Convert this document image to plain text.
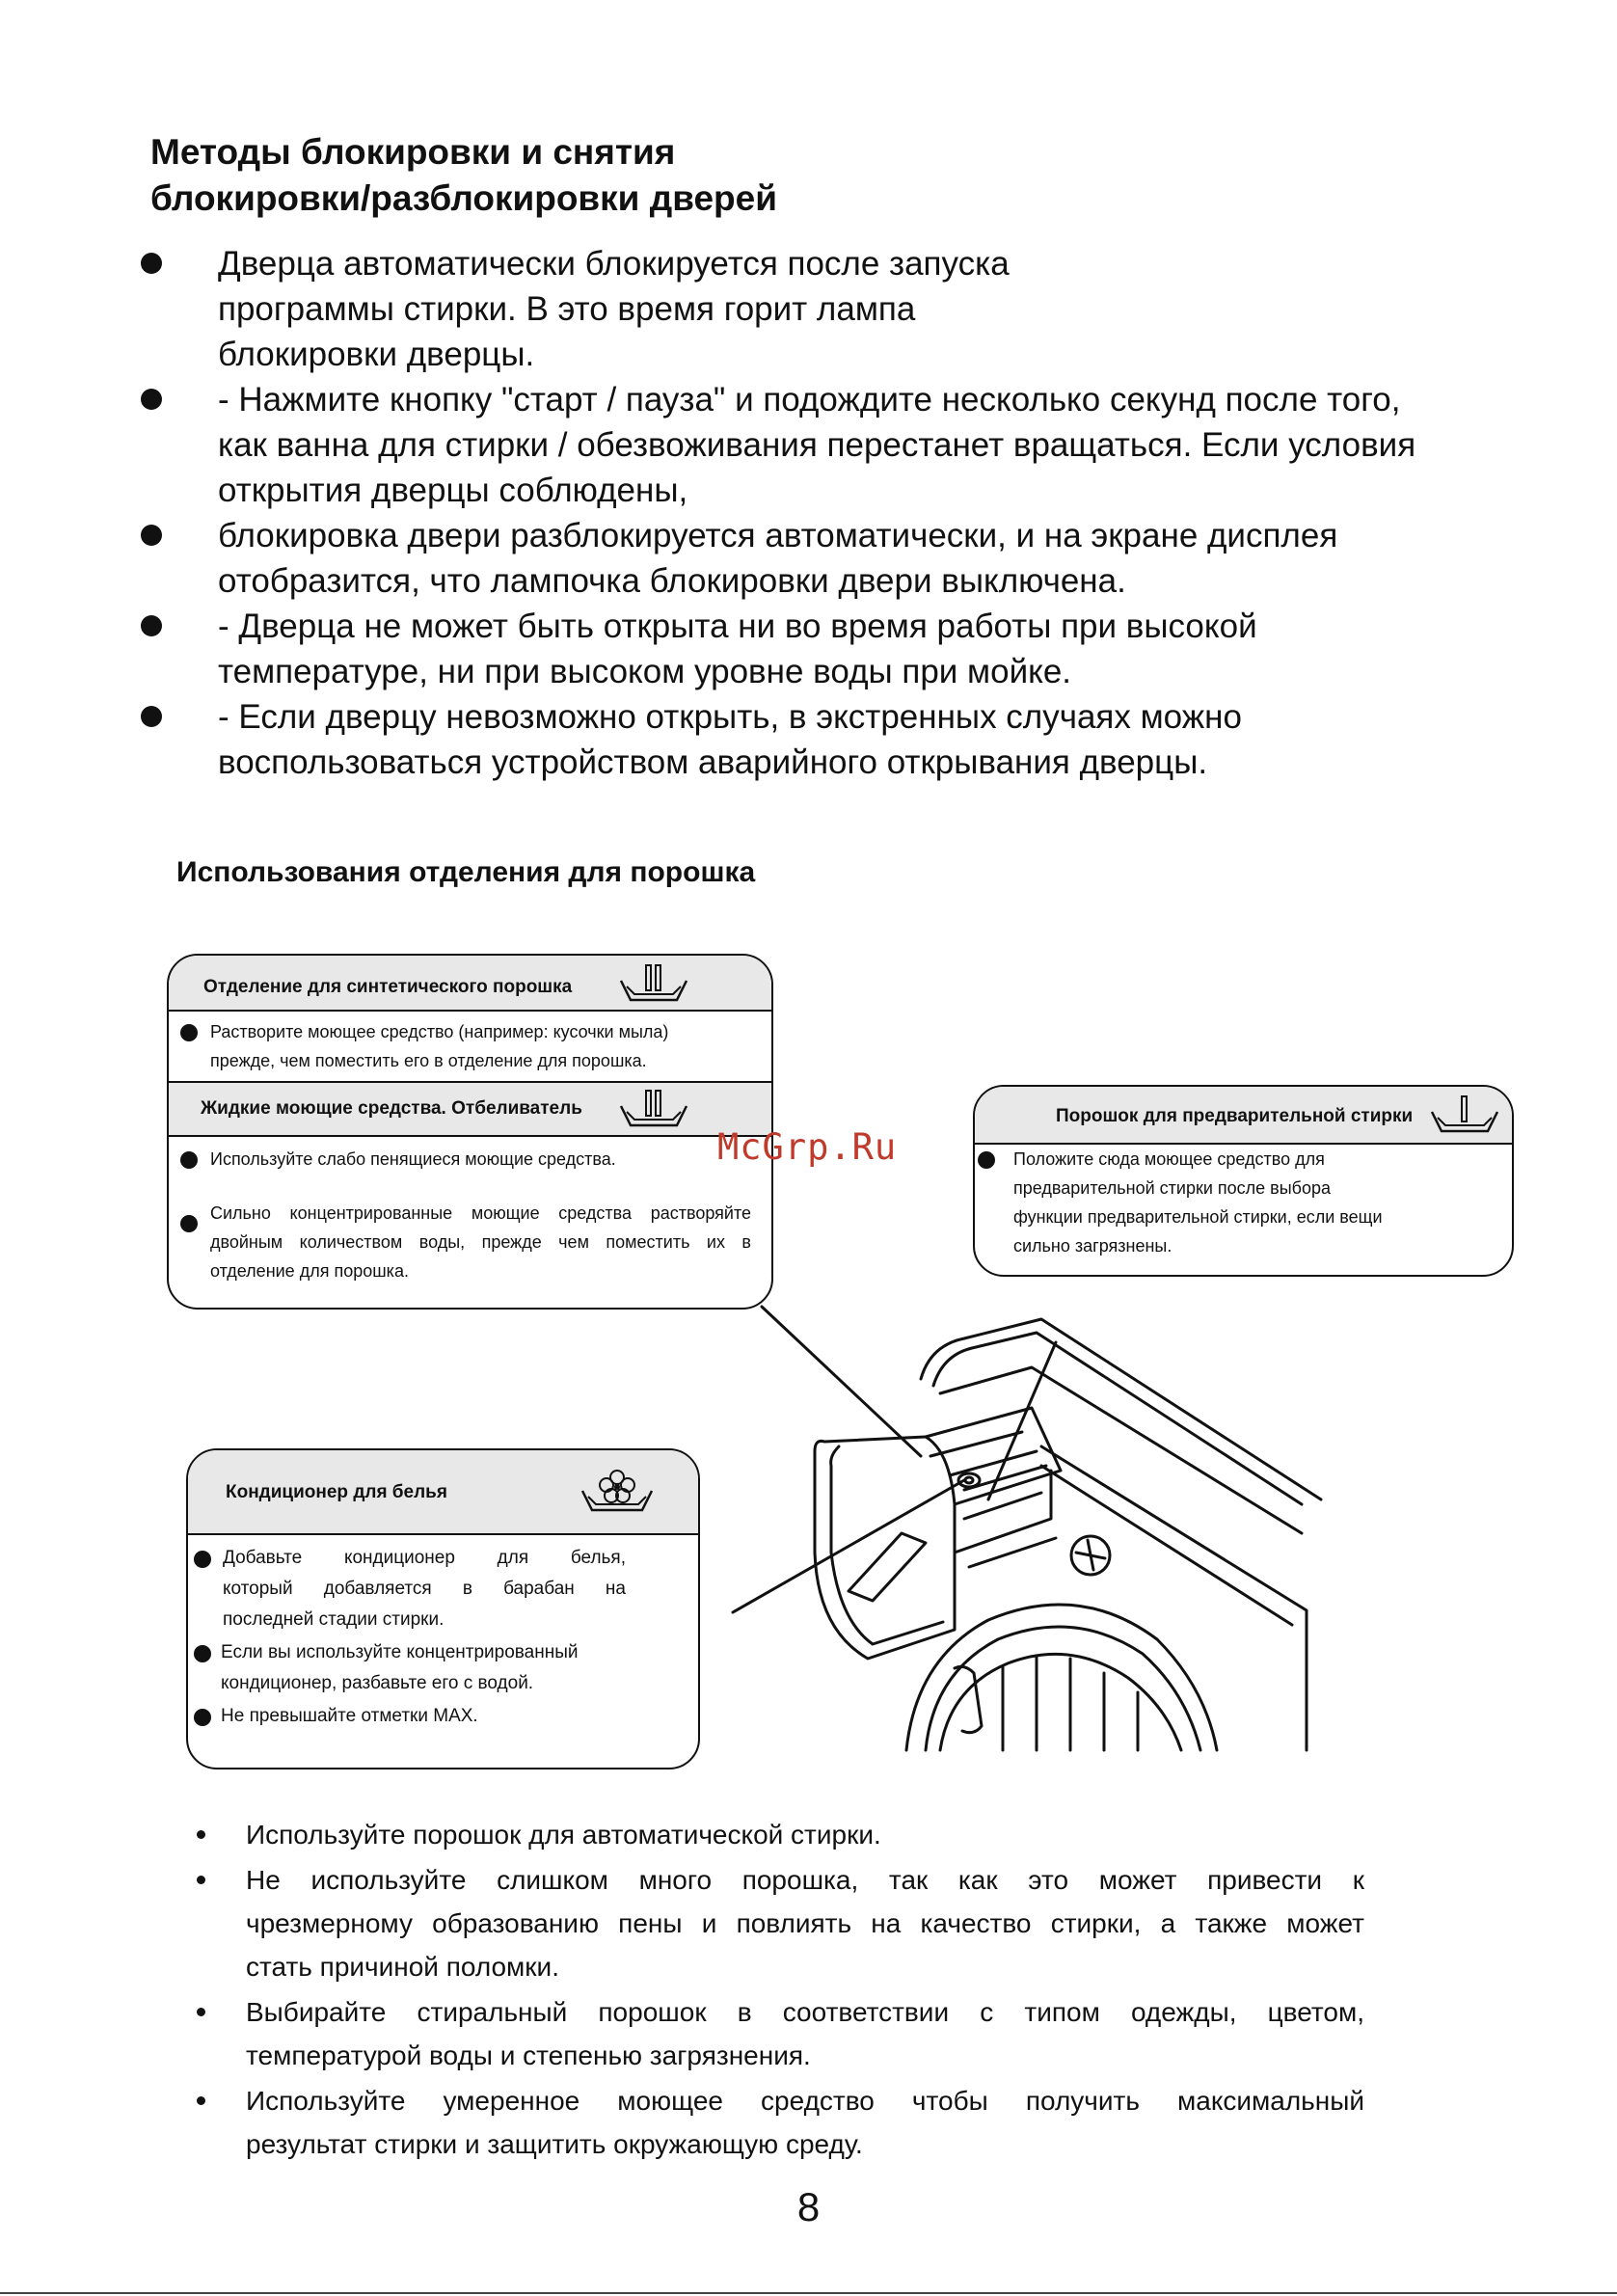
Методы блокировки и снятия
блокировки/разблокировки дверей
Дверца автоматически блокируется после запуска
программы стирки. В это время горит лампа
блокировки дверцы.
- Нажмите кнопку "старт / пауза" и подождите несколько секунд после того,
как ванна для стирки / обезвоживания перестанет вращаться. Если условия
открытия дверцы соблюдены,
блокировка двери разблокируется автоматически, и на экране дисплея
отобразится, что лампочка блокировки двери выключена.
- Дверца не может быть открыта ни во время работы при высокой
температуре, ни при высоком уровне воды при мойке.
- Если дверцу невозможно открыть, в экстренных случаях можно
воспользоваться устройством аварийного открывания дверцы.
Использования отделения для порошка
Отделение для синтетического порошка
Растворите моющее средство (например: кусочки мыла)
прежде, чем поместить его в отделение для порошка.
Жидкие моющие средства. Отбеливатель
Используйте слабо пенящиеся моющие средства.
Сильно концентрированные моющие средства растворяйте
двойным количеством воды, прежде чем поместить их в
отделение для порошка.
Порошок для предварительной стирки
Положите сюда моющее средство для
предварительной стирки после выбора
функции предварительной стирки, если вещи
сильно загрязнены.
Кондиционер для белья
Добавьте кондиционер для белья,
который добавляется в барабан на
последней стадии стирки.
Если вы используйте концентрированный
кондиционер, разбавьте его с водой.
Не превышайте отметки MAX.
McGrp.Ru
Используйте порошок для автоматической стирки.
Не используйте слишком много порошка, так как это может привести к
чрезмерному образованию пены и повлиять на качество стирки, а также может
стать причиной поломки.
Выбирайте стиральный порошок в соответствии с типом одежды, цветом,
температурой воды и степенью загрязнения.
Используйте умеренное моющее средство чтобы получить максимальный
результат стирки и защитить окружающую среду.
8
